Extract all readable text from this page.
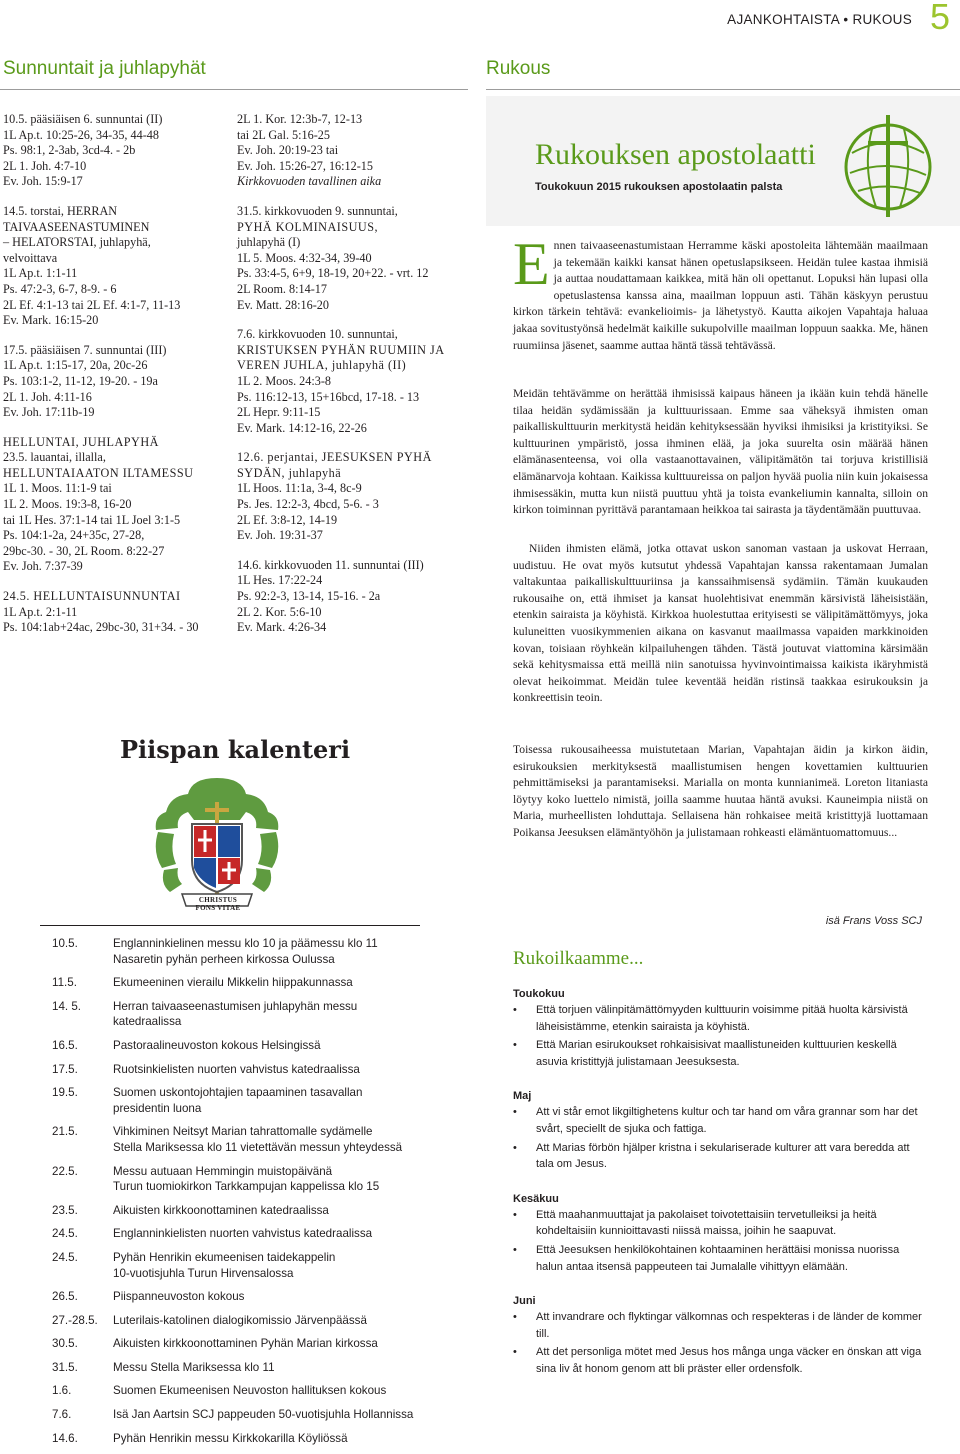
AJANKOHTAISTA • RUKOUS 5
Sunnuntait ja juhlapyhät	Rukous
10.5. pääsiäisen 6. sunnuntai (II)
1L Ap.t. 10:25-26, 34-35, 44-48
Ps. 98:1, 2-3ab, 3cd-4. - 2b
2L 1. Joh. 4:7-10
Ev. Joh. 15:9-17
14.5. torstai, HERRAN
TAIVAASEENASTUMINEN
– HELATORSTAI, juhlapyhä,
velvoittava
1L Ap.t. 1:1-11
Ps. 47:2-3, 6-7, 8-9. - 6
2L Ef. 4:1-13 tai 2L Ef. 4:1-7, 11-13
Ev. Mark. 16:15-20
17.5. pääsiäisen 7. sunnuntai (III)
1L Ap.t. 1:15-17, 20a, 20c-26
Ps. 103:1-2, 11-12, 19-20. - 19a
2L 1. Joh. 4:11-16
Ev. Joh. 17:11b-19
HELLUNTAI, JUHLAPYHÄ
23.5. lauantai, illalla,
HELLUNTAIAATON ILTAMESSU
1L 1. Moos. 11:1-9 tai
1L 2. Moos. 19:3-8, 16-20
tai 1L Hes. 37:1-14 tai 1L Joel 3:1-5
Ps. 104:1-2a, 24+35c, 27-28,
29bc-30. - 30, 2L Room. 8:22-27
Ev. Joh. 7:37-39
24.5. HELLUNTAISUNNUNTAI
1L Ap.t. 2:1-11
Ps. 104:1ab+24ac, 29bc-30, 31+34. - 30
2L 1. Kor. 12:3b-7, 12-13
tai 2L Gal. 5:16-25
Ev. Joh. 20:19-23 tai
Ev. Joh. 15:26-27, 16:12-15
Kirkkovuoden tavallinen aika
31.5. kirkkovuoden 9. sunnuntai,
PYHÄ KOLMINAISUUS,
juhlapyhä (I)
1L 5. Moos. 4:32-34, 39-40
Ps. 33:4-5, 6+9, 18-19, 20+22. - vrt. 12
2L Room. 8:14-17
Ev. Matt. 28:16-20
7.6. kirkkovuoden 10. sunnuntai,
KRISTUKSEN PYHÄN RUUMIIN JA
VEREN JUHLA, juhlapyhä (II)
1L 2. Moos. 24:3-8
Ps. 116:12-13, 15+16bcd, 17-18. - 13
2L Hepr. 9:11-15
Ev. Mark. 14:12-16, 22-26
12.6. perjantai, JEESUKSEN PYHÄ
SYDÄN, juhlapyhä
1L Hoos. 11:1a, 3-4, 8c-9
Ps. Jes. 12:2-3, 4bcd, 5-6. - 3
2L Ef. 3:8-12, 14-19
Ev. Joh. 19:31-37
14.6. kirkkovuoden 11. sunnuntai (III)
1L Hes. 17:22-24
Ps. 92:2-3, 13-14, 15-16. - 2a
2L 2. Kor. 5:6-10
Ev. Mark. 4:26-34
Rukouksen apostolaatti
Toukokuun 2015 rukouksen apostolaatin palsta
E nnen taivaaseenastumistaan Herramme käski apostoleita lähtemään maailmaan ja tekemään kaikki kansat hänen opetuslapsikseen. Heidän tulee kastaa ihmisiä ja auttaa noudattamaan kaikkea, mitä hän oli opettanut. Lopuksi hän lupasi olla opetuslastensa kanssa aina, maailman loppuun asti. Tähän käskyyn perustuu kirkon tärkein tehtävä: evankelioimis- ja lähetystyö. Kautta aikojen Vapahtaja haluaa jakaa sovitustyönsä hedelmät kaikille sukupolville maailman loppuun saakka. Me, hänen ruumiinsa jäsenet, saamme auttaa häntä tässä tehtävässä.

Meidän tehtävämme on herättää ihmisissä kaipaus häneen ja ikään kuin tehdä hänelle tilaa heidän sydämissään ja kulttuurissaan. Emme saa väheksyä ihmisten oman paikalliskulttuurin merkitystä heidän kehityksessään hyviksi ihmisiksi ja kristityiksi. Se kulttuurinen ympäristö, jossa ihminen elää, ja joka suurelta osin määrää hänen elämänasenteensa, voi olla vastaanottavainen, välipitämätön tai torjuva kristillisiä elämänarvoja kohtaan. Kaikissa kulttuureissa on paljon hyvää puolia niin kuin jokaisessa ihmisessäkin, mutta kun niistä puuttuu yhtä ja toista evankeliumin kannalta, silloin on kirkon toiminnan pyrittävä parantamaan heikkoa tai sairasta ja täydentämään puuttuvaa.

Niiden ihmisten elämä, jotka ottavat uskon sanoman vastaan ja uskovat Herraan, uudistuu. He ovat myös kutsutut yhdessä Vapahtajan kanssa rakentamaan Jumalan valtakuntaa paikalliskulttuuriinsa ja kanssaihmisensä sydämiin. Tämän kuukauden rukousaihe on, että ihmiset ja kansat huolehtisivat enemmän kärsivistä läheisistään, etenkin sairaista ja köyhistä. Kirkkoa huolestuttaa erityisesti se välipitämättömyys, joka kuluneitten vuosikymmenien aikana on kasvanut maailmassa vapaiden markkinoiden kovan, toisiaan röyhkeän kilpailuhengen tähden. Tästä joutuvat viattomina kärsimään sekä kehitysmaissa että meillä niin sanotuissa hyvinvointimaissa kaikista ikäryhmistä olevat heikoimmat. Meidän tulee keventää heidän ristinsä taakkaa esirukouksin ja konkreettisin teoin.

Toisessa rukousaiheessa muistutetaan Marian, Vapahtajan äidin ja kirkon äidin, esirukouksien merkityksestä maallistumisen hengen kovettamien kulttuurien pehmittämiseksi ja parantamiseksi. Marialla on monta kunnianimeä. Loreton litaniasta löytyy koko luettelo nimistä, joilla saamme huutaa häntä avuksi. Kauneimpia niistä on Maria, murheellisten lohduttaja. Sellaisena hän rohkaisee meitä kristittyjä luottamaan Poikansa Jeesuksen elämäntyöhön ja julistamaan rohkeasti elämäntuomattomuus...

isä Frans Voss SCJ
Rukoilkaamme...
Toukokuu
• Että torjuen välinpitämättömyyden kulttuurin voisimme pitää huolta kärsivistä läheisistämme, etenkin sairaista ja köyhistä.
• Että Marian esirukoukset rohkaisisivat maallistuneiden kulttuurien keskellä asuvia kristittyjä julistamaan Jeesuksesta.
Maj
• Att vi står emot likgiltighetens kultur och tar hand om våra grannar som har det svårt, speciellt de sjuka och fattiga.
• Att Marias förbön hjälper kristna i sekulariserade kulturer att vara beredda att tala om Jesus.
Kesäkuu
• Että maahanmuuttajat ja pakolaiset toivotettaisiin tervetulleiksi ja heitä kohdeltaisiin kunnioittavasti niissä maissa, joihin he saapuvat.
• Että Jeesuksen henkilökohtainen kohtaaminen herättäisi monissa nuorissa halun antaa itsensä pappeuteen tai Jumalalle vihittyyn elämään.
Juni
• Att invandrare och flyktingar välkomnas och respekteras i de länder de kommer till.
• Att det personliga mötet med Jesus hos många unga väcker en önskan att viga sina liv åt honom genom att bli präster eller ordensfolk.
Piispan kalenteri
CHRISTUS FONS VITAE
10.5.	Englanninkielinen messu klo 10 ja päämessu klo 11
Nasaretin pyhän perheen kirkossa Oulussa
11.5.	Ekumeeninen vierailu Mikkelin hiippakunnassa
14. 5.	Herran taivaaseenastumisen juhlapyhän messu
katedraalissa
16.5.	Pastoraalineuvoston kokous Helsingissä
17.5.	Ruotsinkielisten nuorten vahvistus katedraalissa
19.5.	Suomen uskontojohtajien tapaaminen tasavallan
presidentin luona
21.5.	Vihkiminen Neitsyt Marian tahrattomalle sydämelle
Stella Mariksessa klo 11 vietettävän messun yhteydessä
22.5.	Messu autuaan Hemmingin muistopäivänä
Turun tuomiokirkon Tarkkampujan kappelissa klo 15
23.5.	Aikuisten kirkkoonottaminen katedraalissa
24.5.	Englanninkielisten nuorten vahvistus katedraalissa
24.5.	Pyhän Henrikin ekumeenisen taidekappelin
10-vuotisjuhla Turun Hirvensalossa
26.5.	Piispanneuvoston kokous
27.-28.5. Luterilais-katolinen dialogikomissio Järvenpäässä
30.5.	Aikuisten kirkkoonottaminen Pyhän Marian kirkossa
31.5.	Messu Stella Mariksessa klo 11
1.6.	Suomen Ekumeenisen Neuvoston hallituksen kokous
7.6.	Isä Jan Aartsin SCJ pappeuden 50-vuotisjuhla Hollannissa
14.6.	Pyhän Henrikin messu Kirkkokarilla Köyliössä
